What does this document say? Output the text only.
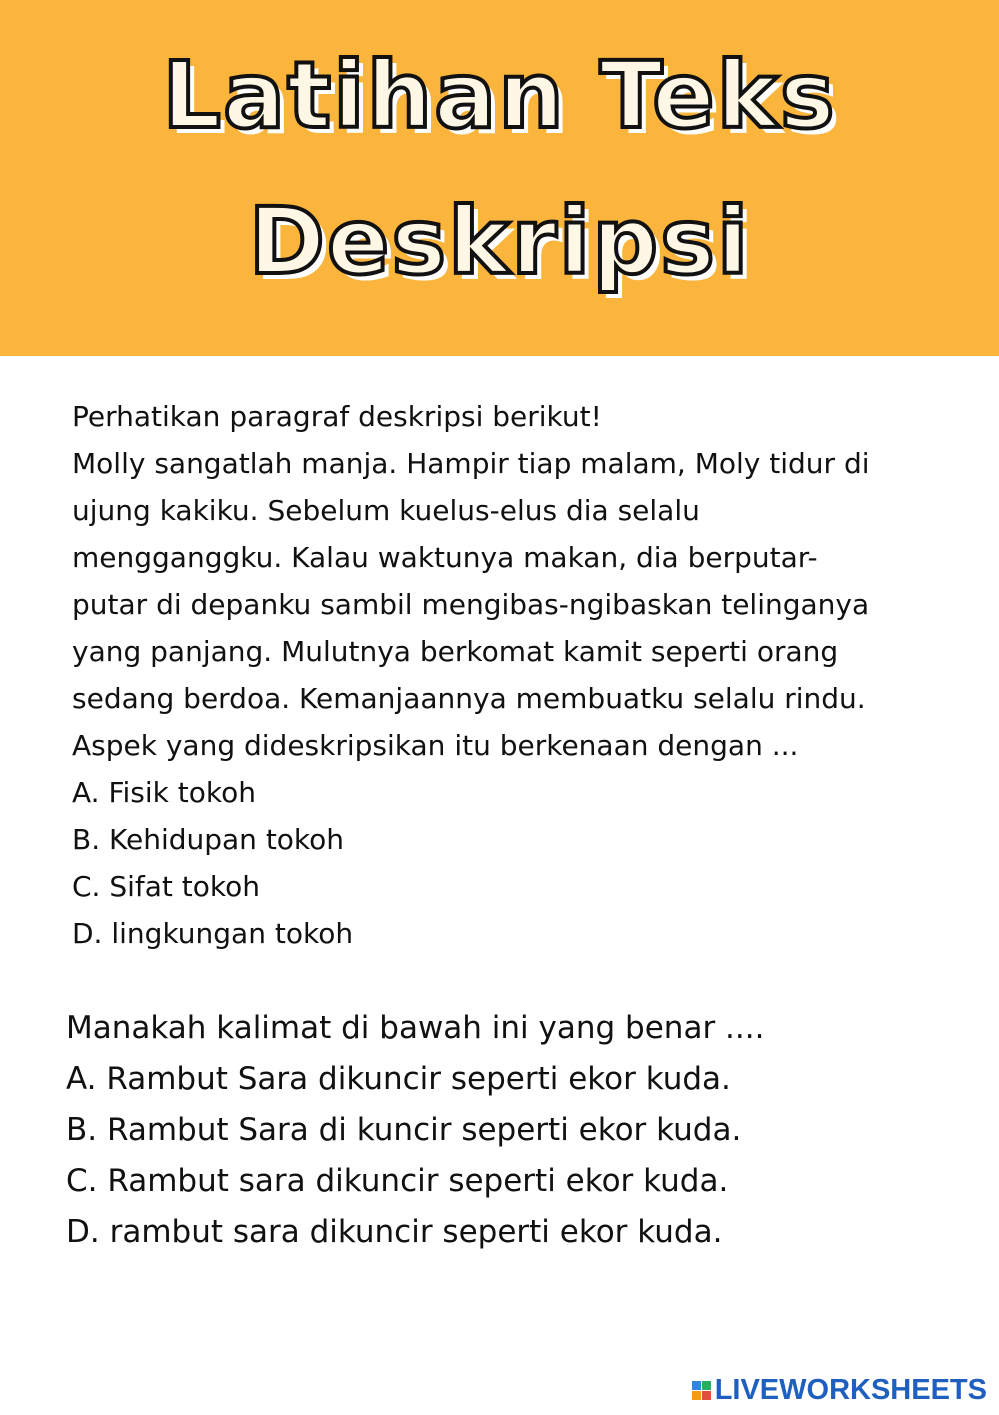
Latihan Teks
Deskripsi
Perhatikan paragraf deskripsi berikut!
Molly sangatlah manja. Hampir tiap malam, Moly tidur di
ujung kakiku. Sebelum kuelus-elus dia selalu
mengganggku. Kalau waktunya makan, dia berputar-
putar di depanku sambil mengibas-ngibaskan telinganya
yang panjang. Mulutnya berkomat kamit seperti orang
sedang berdoa. Kemanjaannya membuatku selalu rindu.
Aspek yang dideskripsikan itu berkenaan dengan ...
A. Fisik tokoh
B. Kehidupan tokoh
C. Sifat tokoh
D. lingkungan tokoh
Manakah kalimat di bawah ini yang benar ....
A. Rambut Sara dikuncir seperti ekor kuda.
B. Rambut Sara di kuncir seperti ekor kuda.
C. Rambut sara dikuncir seperti ekor kuda.
D. rambut sara dikuncir seperti ekor kuda.
LIVEWORKSHEETS
